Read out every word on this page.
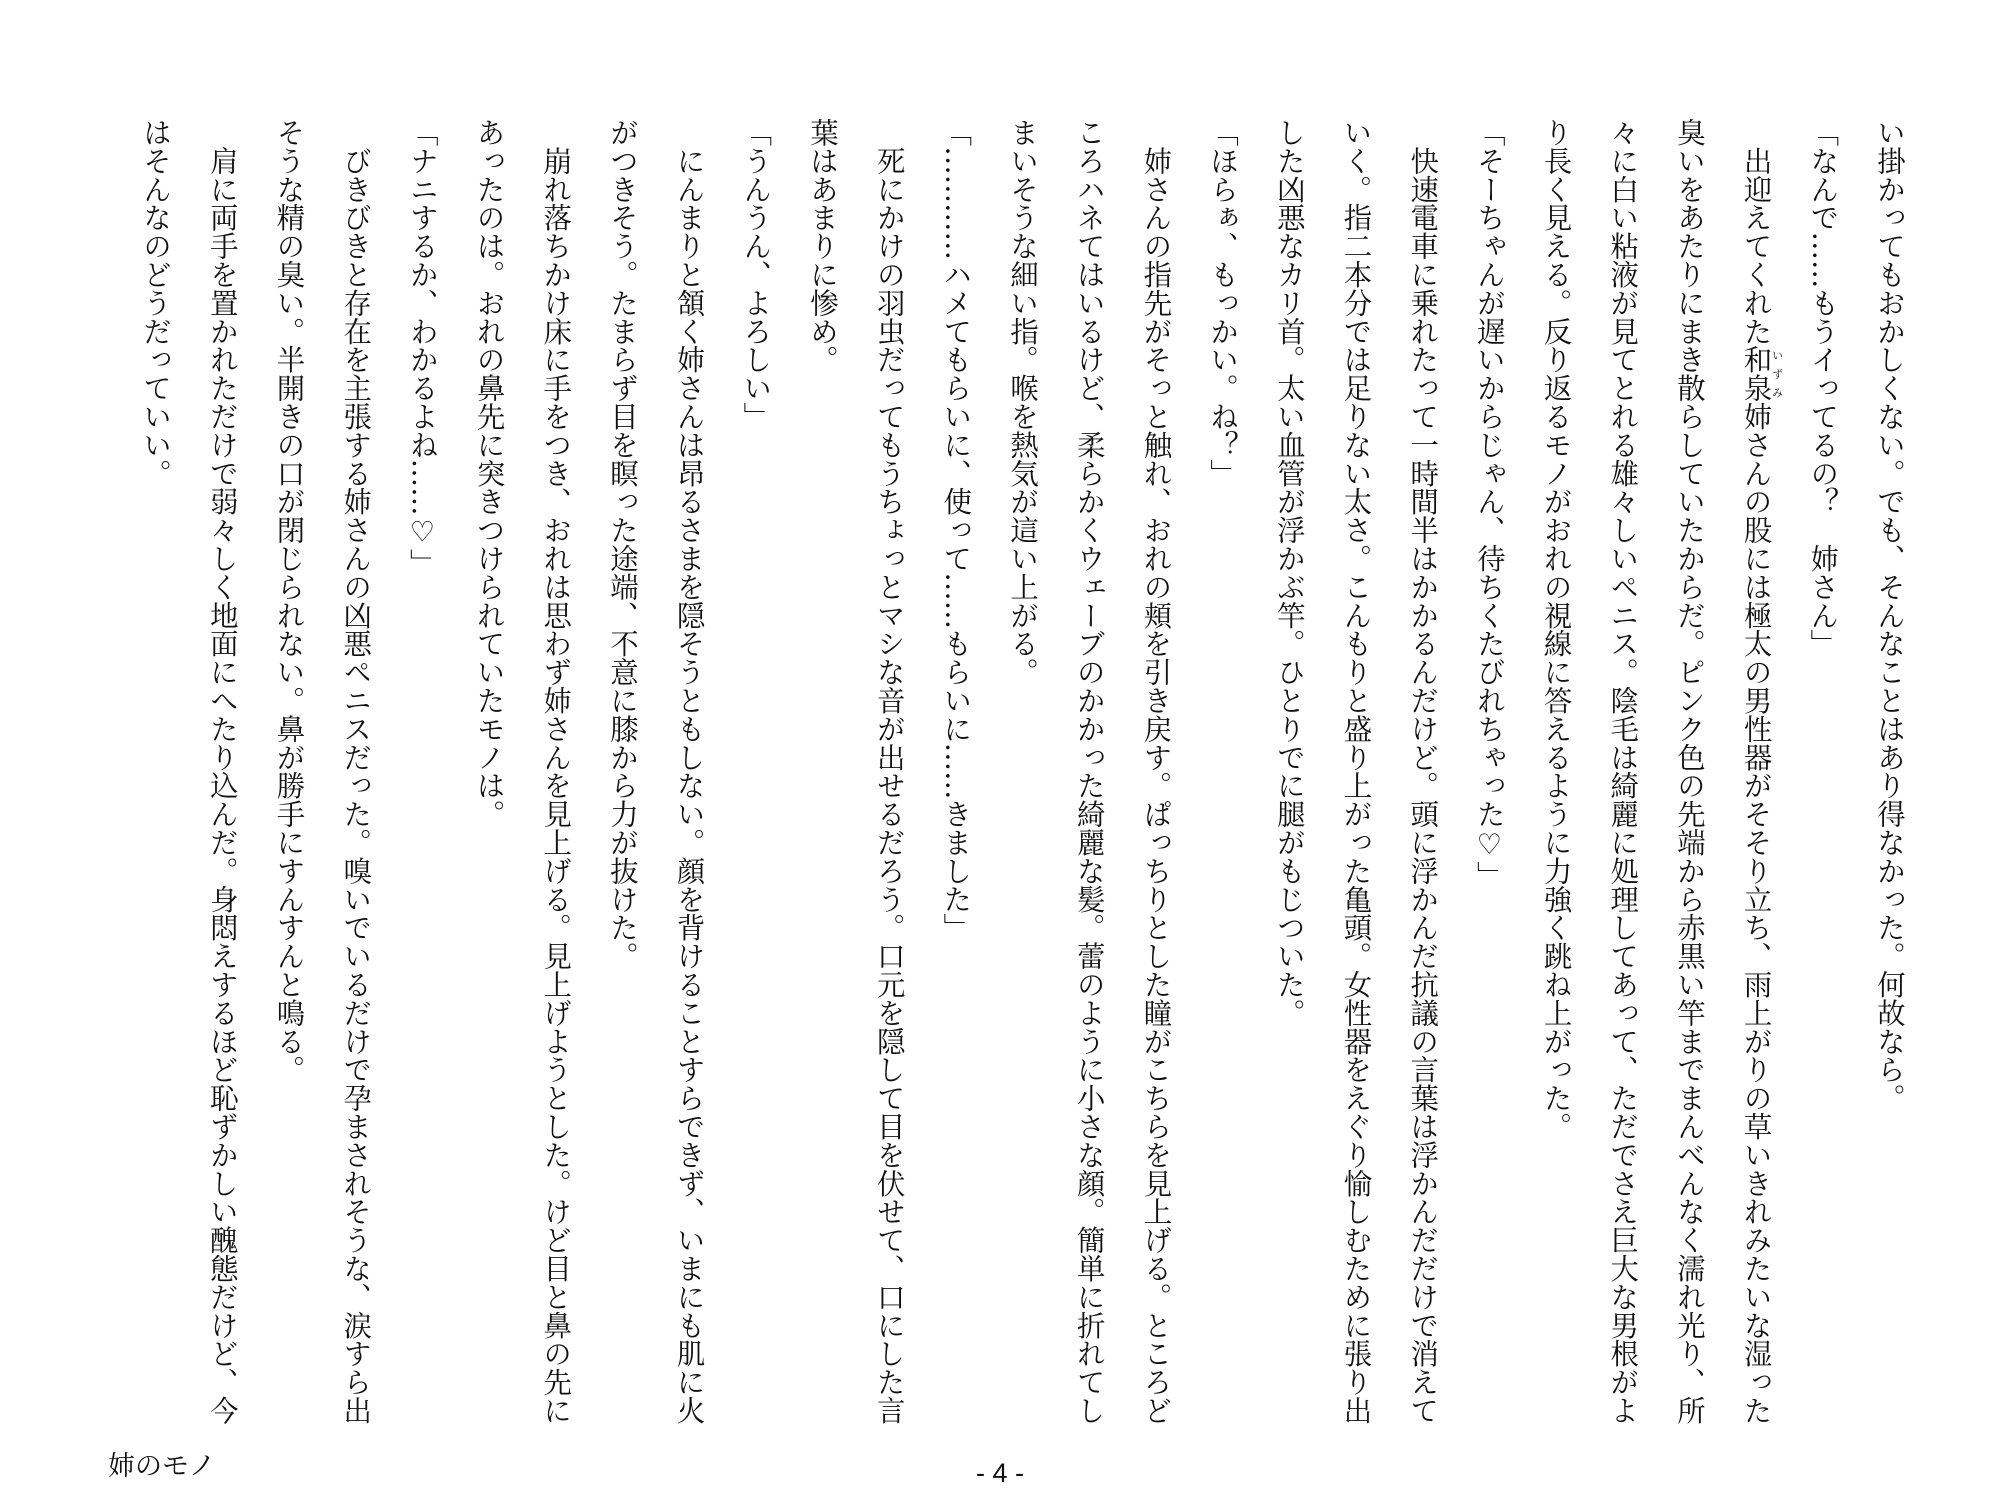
い掛かってもおかしくない。でも、そんなことはあり得なかった。何故なら。
「なんで……もうイってるの？　姉さん」
　出迎えてくれた和泉いずみ姉さんの股には極太の男性器がそそり立ち、雨上がりの草いきれみたいな湿った
臭いをあたりにまき散らしていたからだ。ピンク色の先端から赤黒い竿までまんべんなく濡れ光り、所
々に白い粘液が見てとれる雄々しいペニス。陰毛は綺麗に処理してあって、ただでさえ巨大な男根がよ
り長く見える。反り返るモノがおれの視線に答えるように力強く跳ね上がった。
「そーちゃんが遅いからじゃん、待ちくたびれちゃった♡」
　快速電車に乗れたって一時間半はかかるんだけど。頭に浮かんだ抗議の言葉は浮かんだだけで消えて
いく。指二本分では足りない太さ。こんもりと盛り上がった亀頭。女性器をえぐり愉しむために張り出
した凶悪なカリ首。太い血管が浮かぶ竿。ひとりでに腿がもじついた。
「ほらぁ、もっかい。ね？」
　姉さんの指先がそっと触れ、おれの頬を引き戻す。ぱっちりとした瞳がこちらを見上げる。ところど
ころハネてはいるけど、柔らかくウェーブのかかった綺麗な髪。蕾のように小さな顔。簡単に折れてし
まいそうな細い指。喉を熱気が這い上がる。
「…………ハメてもらいに、使って……もらいに……きました」
　死にかけの羽虫だってもうちょっとマシな音が出せるだろう。口元を隠して目を伏せて、口にした言
葉はあまりに惨め。
「うんうん、よろしい」
　にんまりと頷く姉さんは昂るさまを隠そうともしない。顔を背けることすらできず、いまにも肌に火
がつきそう。たまらず目を瞑った途端、不意に膝から力が抜けた。
　崩れ落ちかけ床に手をつき、おれは思わず姉さんを見上げる。見上げようとした。けど目と鼻の先に
あったのは。おれの鼻先に突きつけられていたモノは。
「ナニするか、わかるよね……♡」
　びきびきと存在を主張する姉さんの凶悪ペニスだった。嗅いでいるだけで孕まされそうな、涙すら出
そうな精の臭い。半開きの口が閉じられない。鼻が勝手にすんすんと鳴る。
　肩に両手を置かれただけで弱々しく地面にへたり込んだ。身悶えするほど恥ずかしい醜態だけど、今
はそんなのどうだっていい。
姉のモノ	- 4 -
